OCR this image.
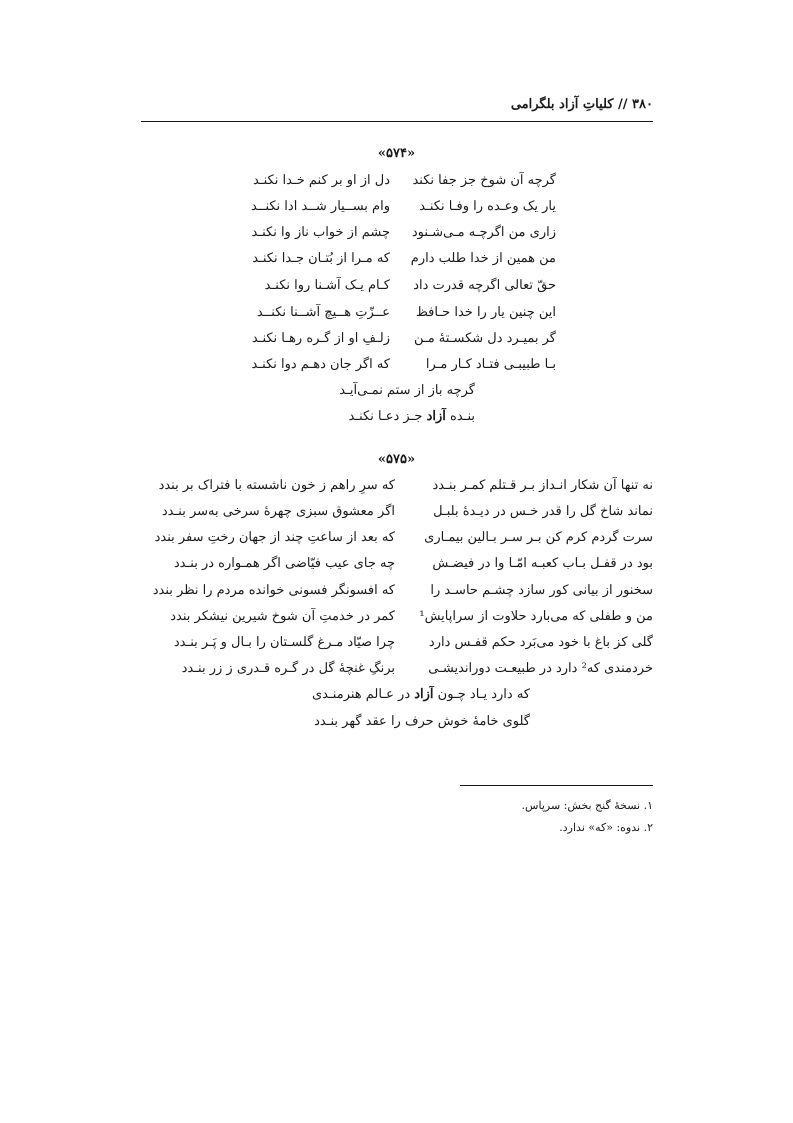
۳۸۰ // کلیاتِ آزاد بلگرامی
«۵۷۴»
گرچه آن شوخ جز جفا نکند
دل از او بر کنم خـدا نکنـد
یار یک وعـده را وفـا نکنـد
وام بســیار شــد ادا نکنــد
زاری من اگرچـه مـی‌شـنود
چشم از خواب ناز وا نکنـد
من همین از خدا طلب دارم
که مـرا از بُتـان جـدا نکنـد
حقّ تعالی اگرچه قدرت داد
کـام یـک آشـنا روا نکنـد
این چنین یار را خدا حـافظ
عــزّتِ هــیچ آشــنا نکنــد
گر بمیـرد دل شکسـتهٔ مـن
زلـفِ او از گـره رهـا نکنـد
بـا طبیبـی فتـاد کـار مـرا
که اگر جان دهـم دوا نکنـد
گرچه باز از ستم نمـی‌آیـد
بنـده آزاد جـز دعـا نکنـد
«۵۷۵»
نه تنها آن شکار انـداز بـر قـتلم کمـر بنـدد
که سرِ راهم ز خون ناشسته با فتراک بر بندد
نماند شاخ گل را قدر خـس در دیـدهٔ بلبـل
اگر معشوق سبزی چهرهٔ سرخی به‌سر بنـدد
سرت گردم کرم کن بـر سـر بـالین بیمـاری
که بعد از ساعتِ چند از جهان رختِ سفر بندد
بود در قفـل بـاب کعبـه امّـا وا در فیضـش
چه جای عیب فیّاضی اگر همـواره در بنـدد
سخنور از بیانی کور سازد چشـم حاسـد را
که افسونگر فسونی خوانده مردم را نظر بندد
من و طفلی که می‌بارد حلاوت از سراپایش¹
کمر در خدمتِ آن شوخ شیرین نیشکر بندد
گلی کز باغ با خود می‌بَرد حکم قفـس دارد
چرا صیّاد مـرغ گلسـتان را بـال و پَـر بنـدد
خردمندی که² دارد در طبیعـت دوراندیشـی
برنگِ غنچهٔ گل در گـره قـدری ز زر بنـدد
که دارد یـاد چـون آزاد در عـالم هنرمنـدی
گلوی خامهٔ خوش حرف را عقد گهر بنـدد
۱. نسخهٔ گنج بخش: سرپاس.
۲. ندوه: «که» ندارد.
